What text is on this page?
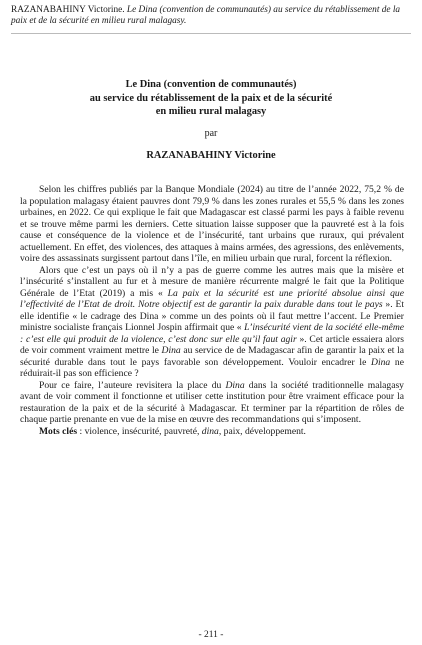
RAZANABAHINY Victorine. Le Dina (convention de communautés) au service du rétablissement de la paix et de la sécurité en milieu rural malagasy.
Le Dina (convention de communautés)
au service du rétablissement de la paix et de la sécurité
en milieu rural malagasy
par
RAZANABAHINY Victorine

Selon les chiffres publiés par la Banque Mondiale (2024) au titre de l’année 2022, 75,2 % de la population malagasy étaient pauvres dont 79,9 % dans les zones rurales et 55,5 % dans les zones urbaines, en 2022. Ce qui explique le fait que Madagascar est classé parmi les pays à faible revenu et se trouve même parmi les derniers. Cette situation laisse supposer que la pauvreté est à la fois cause et conséquence de la violence et de l’insécurité, tant urbains que ruraux, qui prévalent actuellement. En effet, des violences, des attaques à mains armées, des agressions, des enlèvements, voire des assassinats surgissent partout dans l’île, en milieu urbain que rural, forcent la réflexion.

Alors que c’est un pays où il n’y a pas de guerre comme les autres mais que la misère et l’insécurité s’installent au fur et à mesure de manière récurrente malgré le fait que la Politique Générale de l’Etat (2019) a mis « La paix et la sécurité est une priorité absolue ainsi que l’effectivité de l’Etat de droit. Notre objectif est de garantir la paix durable dans tout le pays ». Et elle identifie « le cadrage des Dina » comme un des points où il faut mettre l’accent. Le Premier ministre socialiste français Lionnel Jospin affirmait que « L’insécurité vient de la société elle-même : c’est elle qui produit de la violence, c’est donc sur elle qu’il faut agir ». Cet article essaiera alors de voir comment vraiment mettre le Dina au service de de Madagascar afin de garantir la paix et la sécurité durable dans tout le pays favorable son développement. Vouloir encadrer le Dina ne réduirait-il pas son efficience ?

Pour ce faire, l’auteure revisitera la place du Dina dans la société traditionnelle malagasy avant de voir comment il fonctionne et utiliser cette institution pour être vraiment efficace pour la restauration de la paix et de la sécurité à Madagascar. Et terminer par la répartition de rôles de chaque partie prenante en vue de la mise en œuvre des recommandations qui s’imposent.

Mots clés : violence, insécurité, pauvreté, dina, paix, développement.

- 211 -
